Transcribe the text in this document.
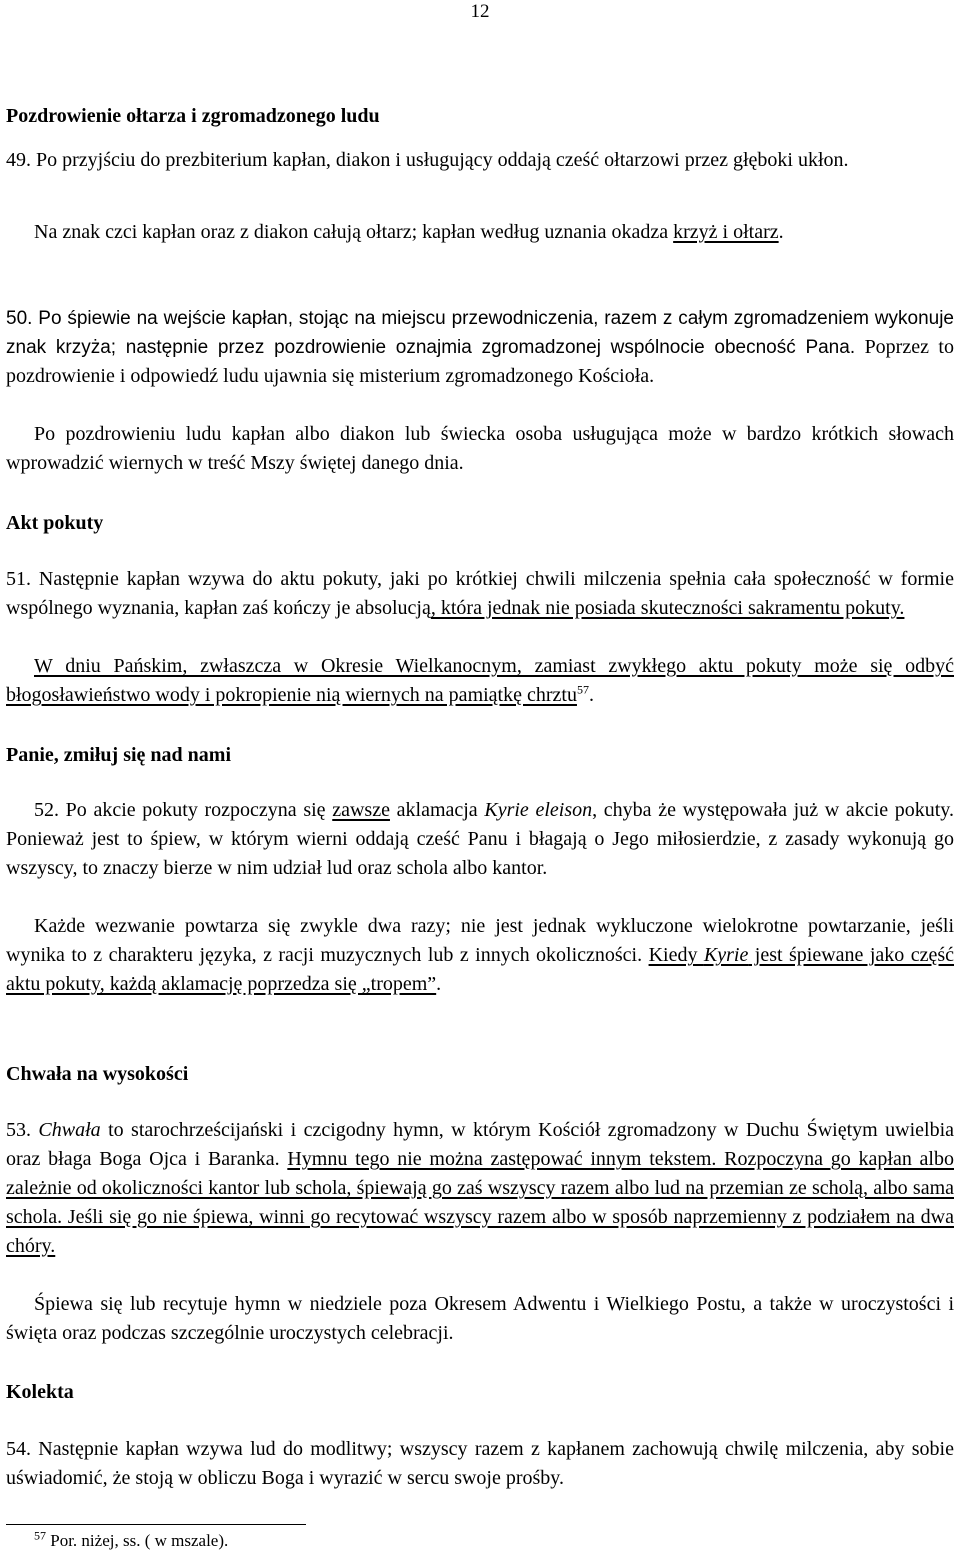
12
Pozdrowienie ołtarza i zgromadzonego ludu
49. Po przyjściu do prezbiterium kapłan, diakon i usługujący oddają cześć ołtarzowi przez głęboki ukłon.
Na znak czci kapłan oraz z diakon całują ołtarz; kapłan według uznania okadza krzyż i ołtarz.
50. Po śpiewie na wejście kapłan, stojąc na miejscu przewodniczenia, razem z całym zgromadzeniem wykonuje znak krzyża; następnie przez pozdrowienie oznajmia zgromadzonej wspólnocie obecność Pana. Poprzez to pozdrowienie i odpowiedź ludu ujawnia się misterium zgromadzonego Kościoła.
Po pozdrowieniu ludu kapłan albo diakon lub świecka osoba usługująca może w bardzo krótkich słowach wprowadzić wiernych w treść Mszy świętej danego dnia.
Akt pokuty
51. Następnie kapłan wzywa do aktu pokuty, jaki po krótkiej chwili milczenia spełnia cała społeczność w formie wspólnego wyznania, kapłan zaś kończy je absolucją, która jednak nie posiada skuteczności sakramentu pokuty.
W dniu Pańskim, zwłaszcza w Okresie Wielkanocnym, zamiast zwykłego aktu pokuty może się odbyć błogosławieństwo wody i pokropienie nią wiernych na pamiątkę chrztu$^{57}$.
Panie, zmiłuj się nad nami
52. Po akcie pokuty rozpoczyna się zawsze aklamacja Kyrie eleison, chyba że występowała już w akcie pokuty. Ponieważ jest to śpiew, w którym wierni oddają cześć Panu i błagają o Jego miłosierdzie, z zasady wykonują go wszyscy, to znaczy bierze w nim udział lud oraz schola albo kantor.
Każde wezwanie powtarza się zwykle dwa razy; nie jest jednak wykluczone wielokrotne powtarzanie, jeśli wynika to z charakteru języka, z racji muzycznych lub z innych okoliczności. Kiedy Kyrie jest śpiewane jako część aktu pokuty, każdą aklamację poprzedza się „tropem”.
Chwała na wysokości
53. Chwała to starochrześcijański i czcigodny hymn, w którym Kościół zgromadzony w Duchu Świętym uwielbia oraz błaga Boga Ojca i Baranka. Hymnu tego nie można zastępować innym tekstem. Rozpoczyna go kapłan albo zależnie od okoliczności kantor lub schola, śpiewają go zaś wszyscy razem albo lud na przemian ze scholą, albo sama schola. Jeśli się go nie śpiewa, winni go recytować wszyscy razem albo w sposób naprzemienny z podziałem na dwa chóry.
Śpiewa się lub recytuje hymn w niedziele poza Okresem Adwentu i Wielkiego Postu, a także w uroczystości i święta oraz podczas szczególnie uroczystych celebracji.
Kolekta
54. Następnie kapłan wzywa lud do modlitwy; wszyscy razem z kapłanem zachowują chwilę milczenia, aby sobie uświadomić, że stoją w obliczu Boga i wyrazić w sercu swoje prośby.
$^{57}$ Por. niżej, ss. ( w mszale).
